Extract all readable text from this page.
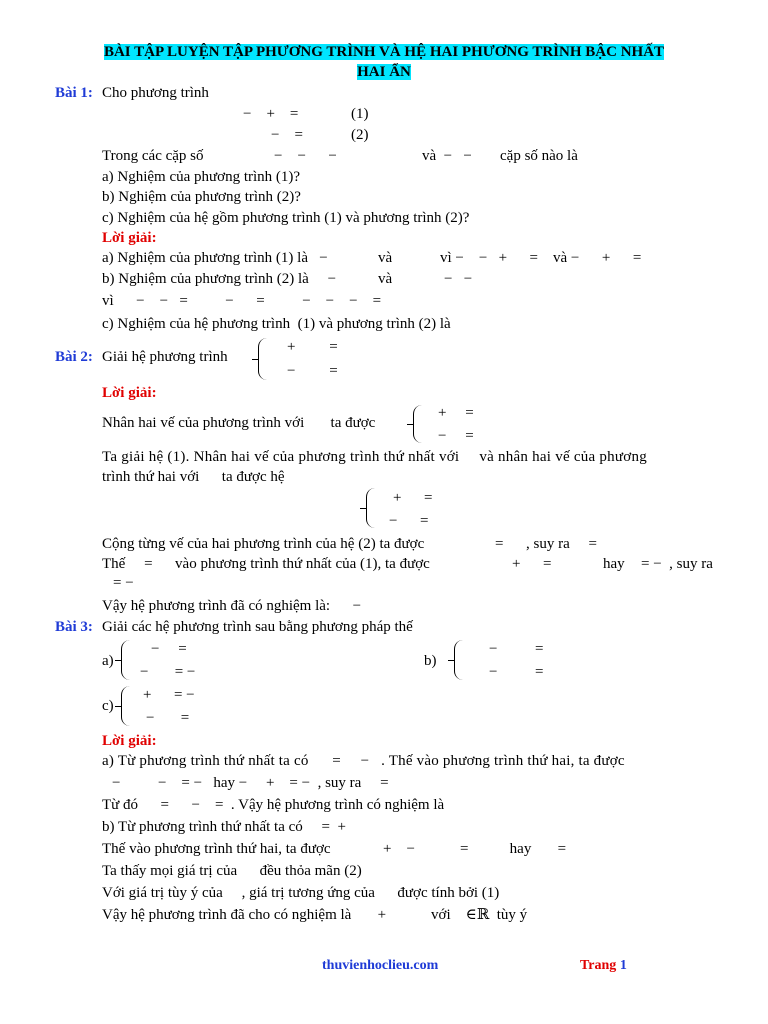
BÀI TẬP LUYỆN TẬP PHƯƠNG TRÌNH VÀ HỆ HAI PHƯƠNG TRÌNH BẬC NHẤT
HAI ẨN
Bài 1: Cho phương trình
−    +    =	(1)
−    =	(2)
Trong các cặp số	−    −      −	và  −   − cặp số nào là
a) Nghiệm của phương trình (1)?
b) Nghiệm của phương trình (2)?
c) Nghiệm của hệ gồm phương trình (1) và phương trình (2)?
Lời giải:
a) Nghiệm của phương trình (1) là   −	và	vì −    −   +      =    và −      +      =
b) Nghiệm của phương trình (2) là     −	và	−   −
vì      −    −   =          −      =          −    −    −    =
c) Nghiệm của hệ phương trình  (1) và phương trình (2) là
Bài 2: Giải hệ phương trình
+         =
−         =
Lời giải:
Nhân hai vế của phương trình với       ta được
+     =
−     =
Ta giải hệ (1). Nhân hai vế của phương trình thứ nhất với     và nhân hai vế của phương
trình thứ hai với      ta được hệ
+      =
−      =
Cộng từng vế của hai phương trình của hệ (2) ta được	= , suy ra     =
Thế     =      vào phương trình thứ nhất của (1), ta được	+      =	hay = −  , suy ra
= −
Vậy hệ phương trình đã có nghiệm là:      −
Bài 3: Giải các hệ phương trình sau bằng phương pháp thế
a)
−     =
−       = −
b)
−          =
−          =
c)
+      = −
−       =
Lời giải:
a) Từ phương trình thứ nhất ta có      =     −   . Thế vào phương trình thứ hai, ta được
−          −    = −   hay −     +    = −  , suy ra     =
Từ đó      =      −    =  . Vậy hệ phương trình có nghiệm là
b) Từ phương trình thứ nhất ta có     =  +
Thế vào phương trình thứ hai, ta được              +    −            =           hay       =
Ta thấy mọi giá trị của      đều thỏa mãn (2)
Với giá trị tùy ý của     , giá trị tương ứng của      được tính bởi (1)
Vậy hệ phương trình đã cho có nghiệm là       +            với    ∈ℝ  tùy ý
thuvienhoclieu.com	Trang 1
